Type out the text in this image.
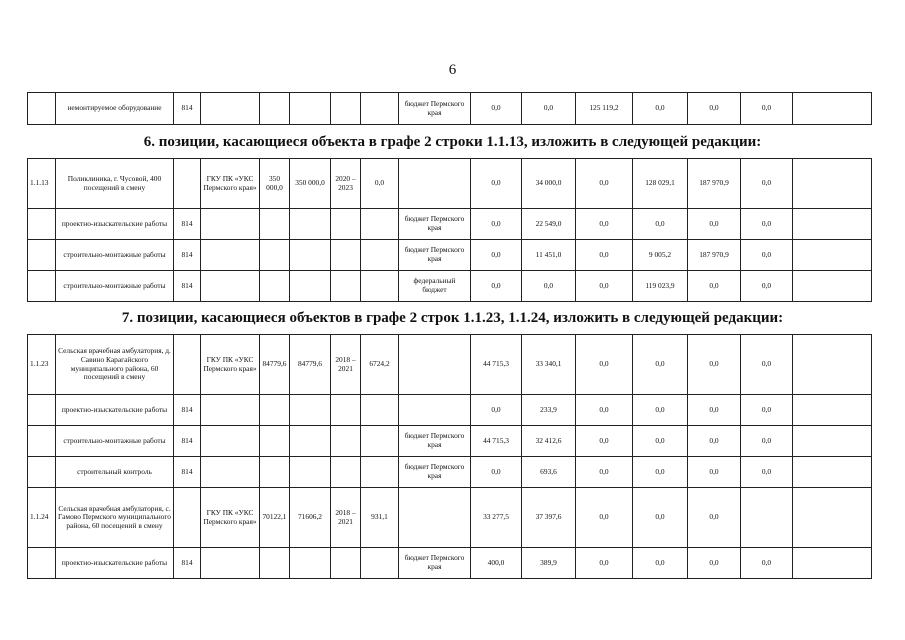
6
	немонтируемое оборудование	814						бюджет Пермского края	0,0	0,0	125 119,2	0,0	0,0	0,0	
6. позиции, касающиеся объекта в графе 2 строки 1.1.13, изложить в следующей редакции:
1.1.13	Поликлиника, г. Чусовой, 400 посещений в смену		ГКУ ПК «УКС Пермского края»	350 000,0	350 000,0	2020 – 2023	0,0		0,0	34 000,0	0,0	128 029,1	187 970,9	0,0	
	проектно-изыскательские работы	814						бюджет Пермского края	0,0	22 549,0	0,0	0,0	0,0	0,0	
	строительно-монтажные работы	814						бюджет Пермского края	0,0	11 451,0	0,0	9 005,2	187 970,9	0,0	
	строительно-монтажные работы	814						федеральный бюджет	0,0	0,0	0,0	119 023,9	0,0	0,0	
7. позиции, касающиеся объектов в графе 2 строк 1.1.23, 1.1.24, изложить в следующей редакции:
1.1.23	Сельская врачебная амбулатория, д. Савино Карагайского муниципального района, 60 посещений в смену		ГКУ ПК «УКС Пермского края»	84779,6	84779,6	2018 – 2021	6724,2		44 715,3	33 340,1	0,0	0,0	0,0	0,0	
	проектно-изыскательские работы	814							0,0	233,9	0,0	0,0	0,0	0,0	
	строительно-монтажные работы	814						бюджет Пермского края	44 715,3	32 412,6	0,0	0,0	0,0	0,0	
	строительный контроль	814						бюджет Пермского края	0,0	693,6	0,0	0,0	0,0	0,0	
1.1.24	Сельская врачебная амбулатория, с. Гамово Пермского муниципального района, 60 посещений в смену		ГКУ ПК «УКС Пермского края»	70122,1	71606,2	2018 – 2021	931,1		33 277,5	37 397,6	0,0	0,0	0,0		
	проектно-изыскательские работы	814						бюджет Пермского края	400,0	389,9	0,0	0,0	0,0	0,0	
